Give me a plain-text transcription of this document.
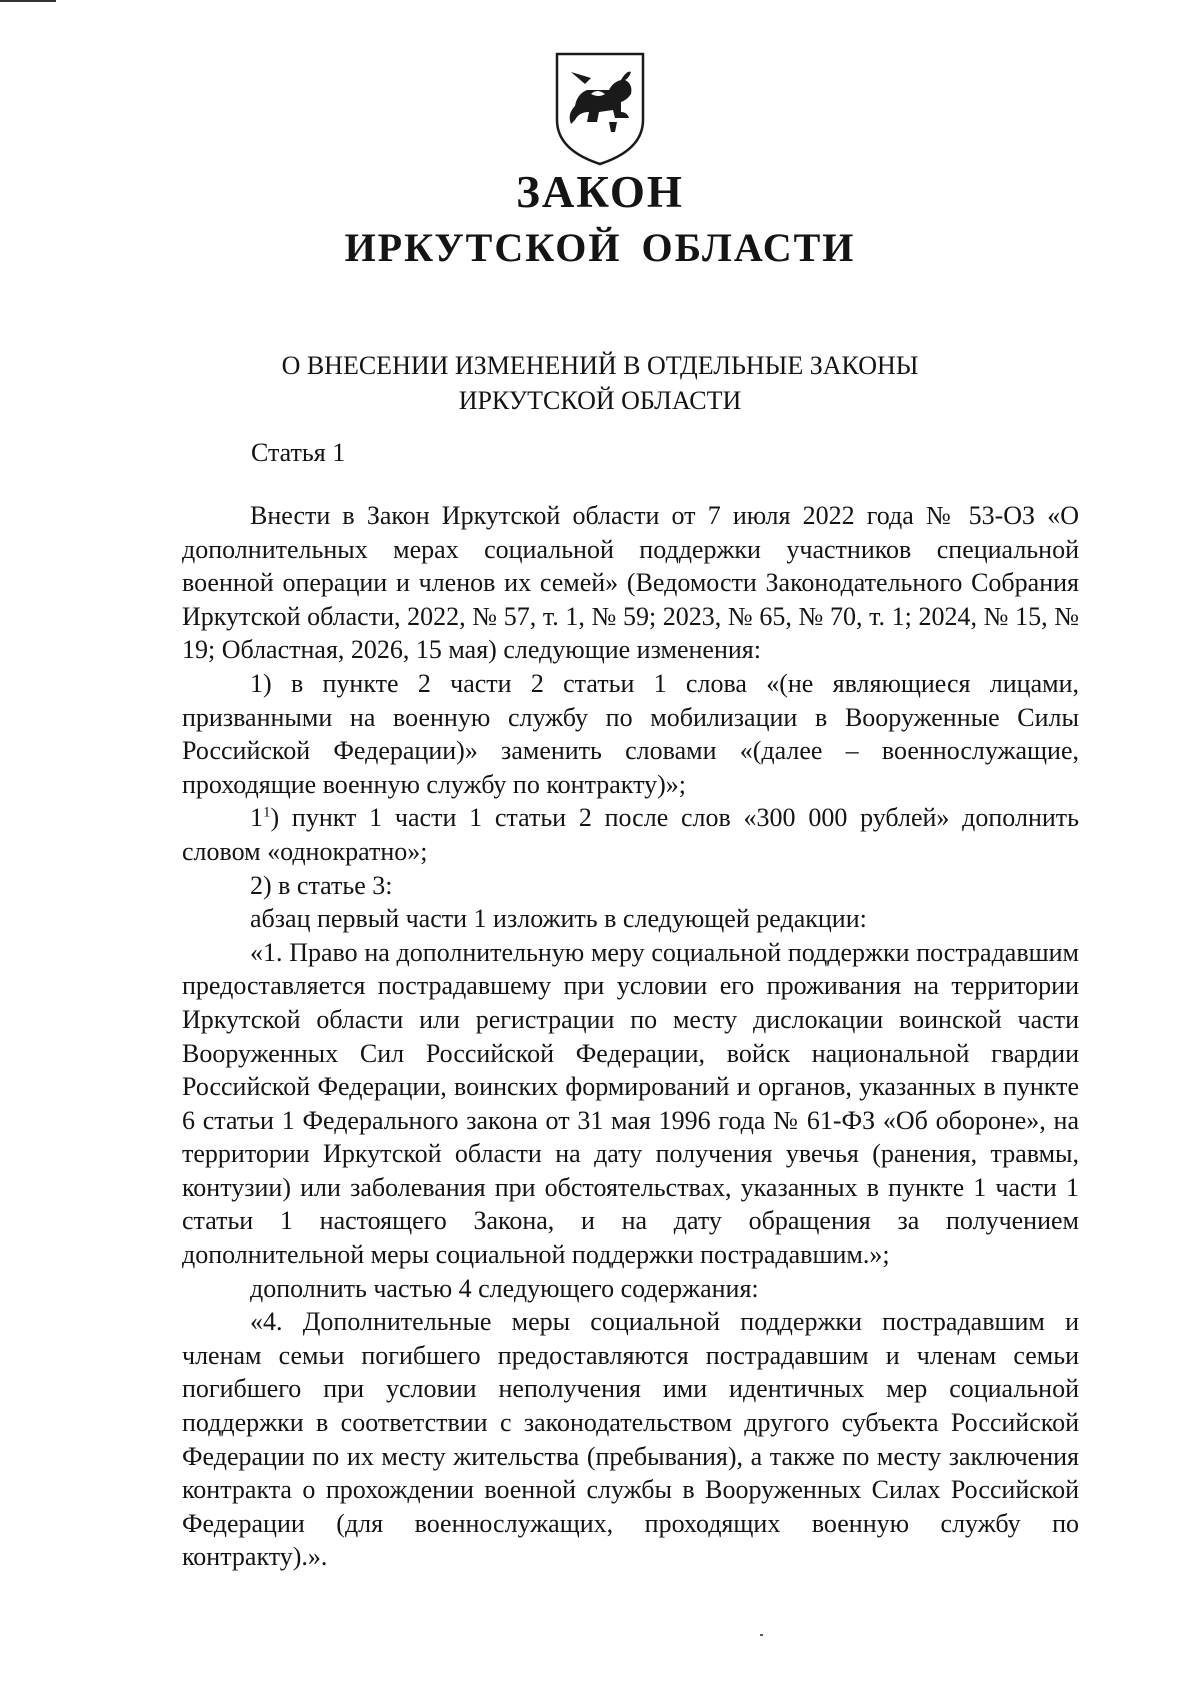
ЗАКОН
ИРКУТСКОЙ ОБЛАСТИ
О ВНЕСЕНИИ ИЗМЕНЕНИЙ В ОТДЕЛЬНЫЕ ЗАКОНЫ
ИРКУТСКОЙ ОБЛАСТИ
Статья 1

Внести в Закон Иркутской области от 7 июля 2022 года № 53-ОЗ «О дополнительных мерах социальной поддержки участников специальной военной операции и членов их семей» (Ведомости Законодательного Собрания Иркутской области, 2022, № 57, т. 1, № 59; 2023, № 65, № 70, т. 1; 2024, № 15, № 19; Областная, 2026, 15 мая) следующие изменения:

1) в пункте 2 части 2 статьи 1 слова «(не являющиеся лицами, призванными на военную службу по мобилизации в Вооруженные Силы Российской Федерации)» заменить словами «(далее – военнослужащие, проходящие военную службу по контракту)»;

$1^1$) пункт 1 части 1 статьи 2 после слов «300 000 рублей» дополнить словом «однократно»;

2) в статье 3:

абзац первый части 1 изложить в следующей редакции:

«1. Право на дополнительную меру социальной поддержки пострадавшим предоставляется пострадавшему при условии его проживания на территории Иркутской области или регистрации по месту дислокации воинской части Вооруженных Сил Российской Федерации, войск национальной гвардии Российской Федерации, воинских формирований и органов, указанных в пункте 6 статьи 1 Федерального закона от 31 мая 1996 года № 61-ФЗ «Об обороне», на территории Иркутской области на дату получения увечья (ранения, травмы, контузии) или заболевания при обстоятельствах, указанных в пункте 1 части 1 статьи 1 настоящего Закона, и на дату обращения за получением дополнительной меры социальной поддержки пострадавшим.»;

дополнить частью 4 следующего содержания:

«4. Дополнительные меры социальной поддержки пострадавшим и членам семьи погибшего предоставляются пострадавшим и членам семьи погибшего при условии неполучения ими идентичных мер социальной поддержки в соответствии с законодательством другого субъекта Российской Федерации по их месту жительства (пребывания), а также по месту заключения контракта о прохождении военной службы в Вооруженных Силах Российской Федерации (для военнослужащих, проходящих военную службу по контракту).».
